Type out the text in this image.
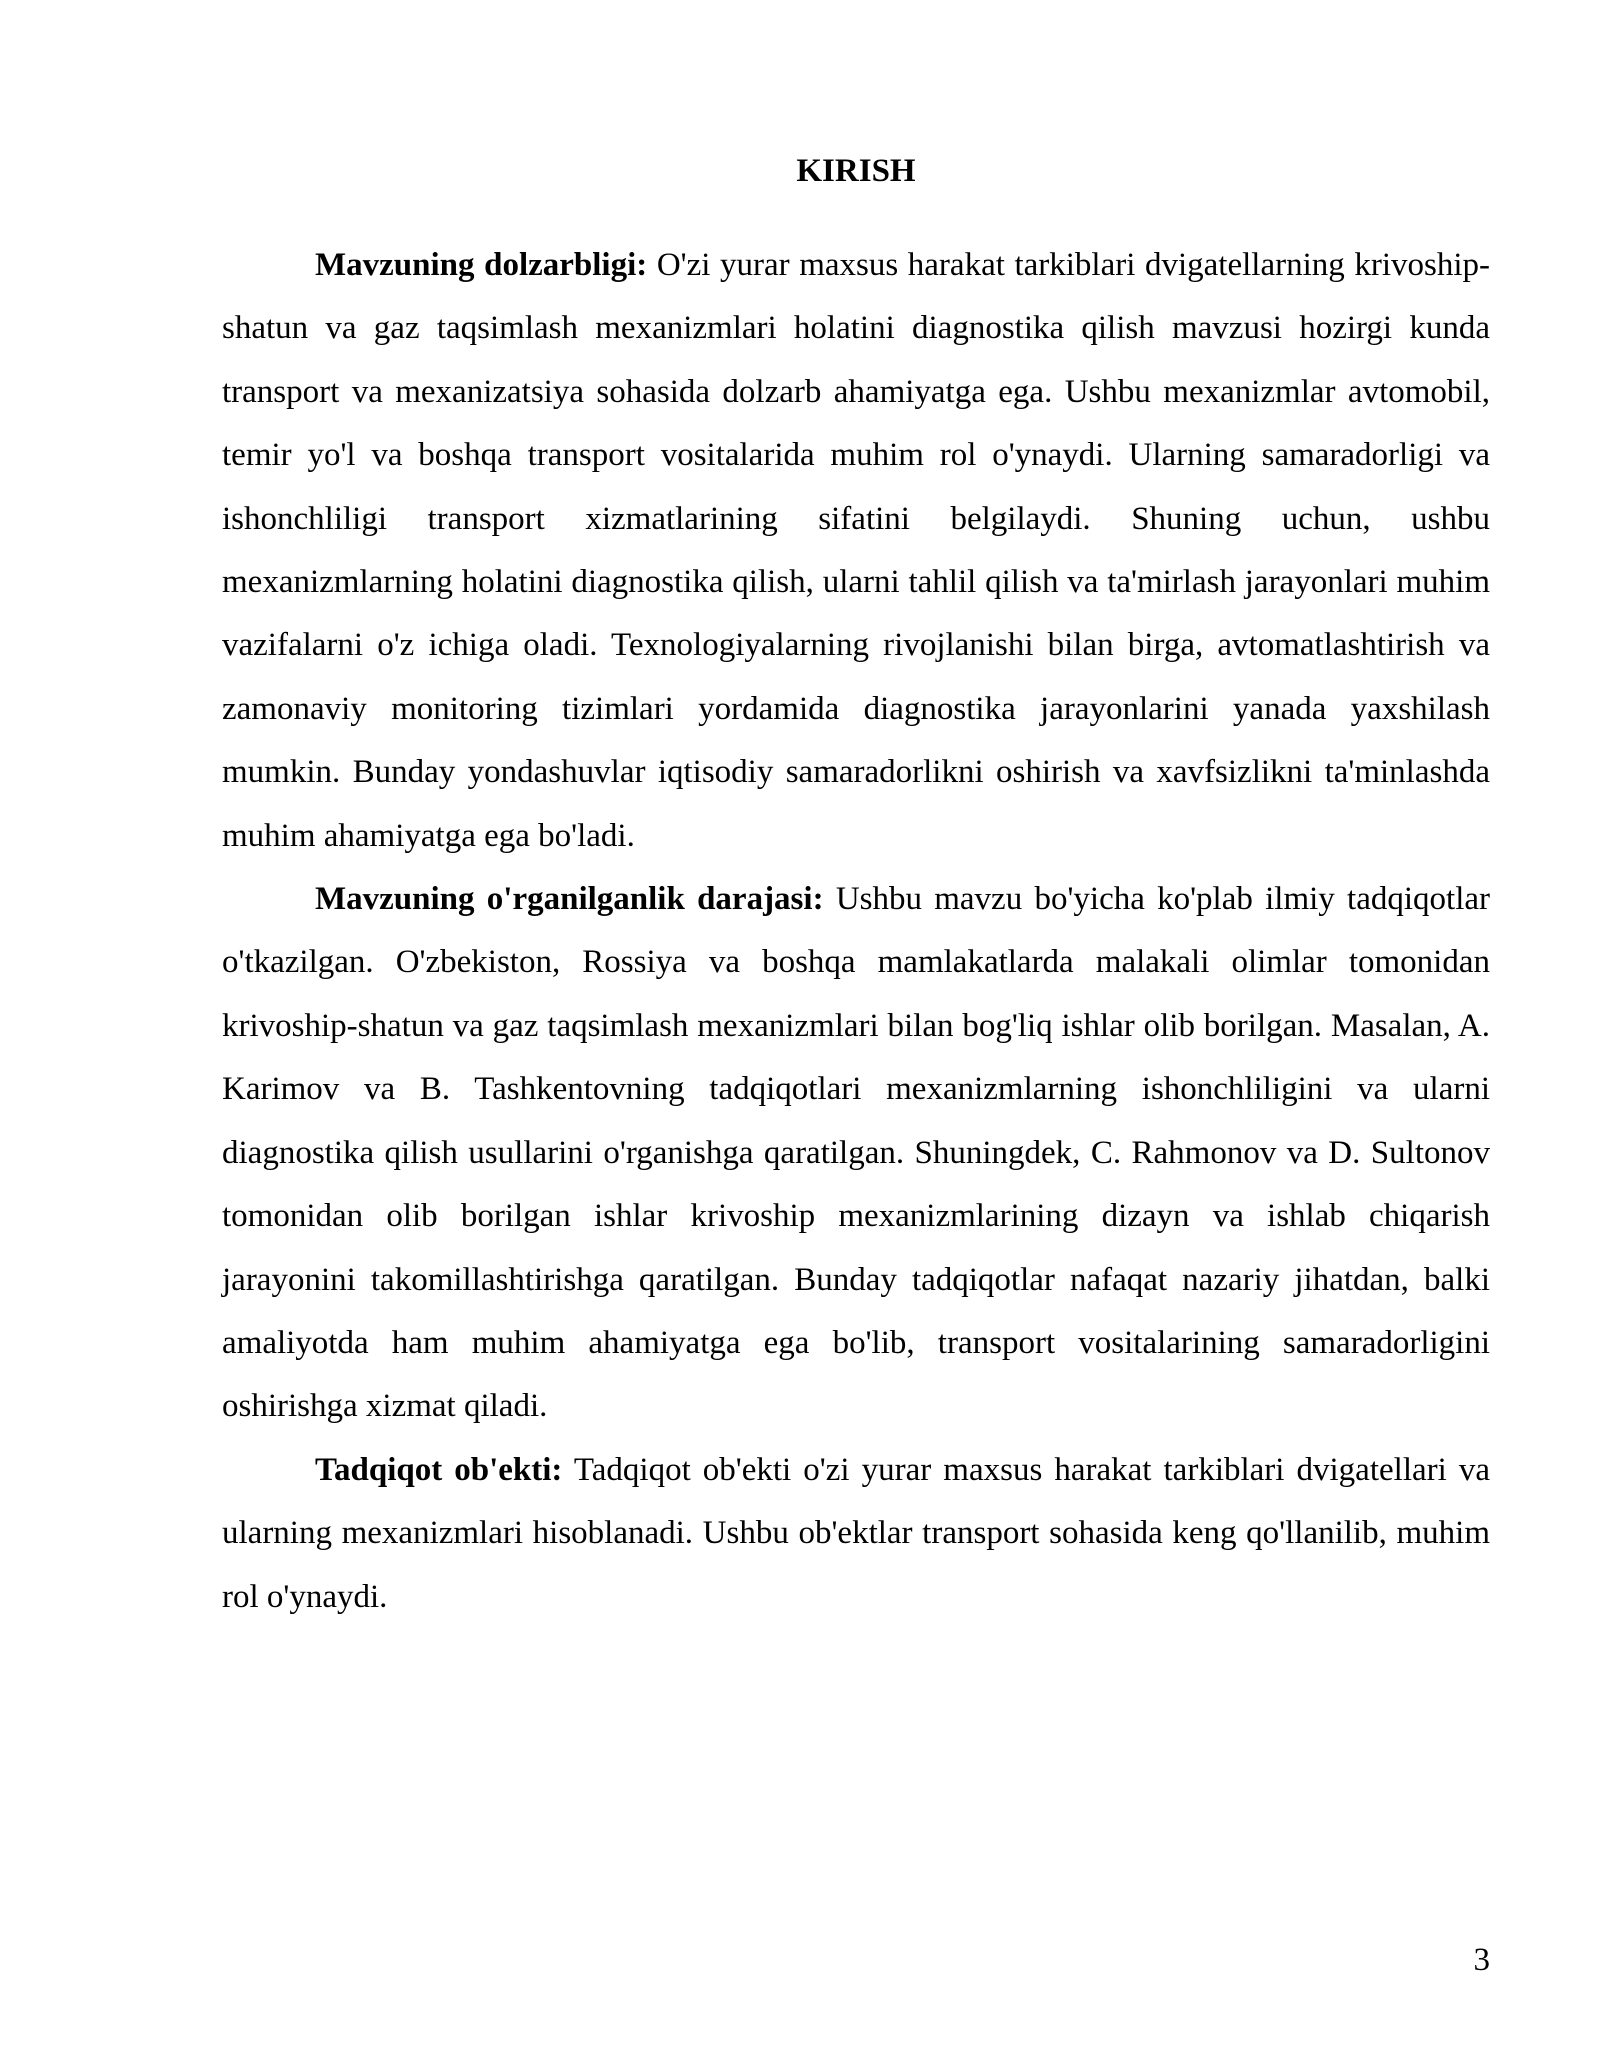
KIRISH

Mavzuning dolzarbligi: O'zi yurar maxsus harakat tarkiblari dvigatellarning krivoship-shatun va gaz taqsimlash mexanizmlari holatini diagnostika qilish mavzusi hozirgi kunda transport va mexanizatsiya sohasida dolzarb ahamiyatga ega. Ushbu mexanizmlar avtomobil, temir yo'l va boshqa transport vositalarida muhim rol o'ynaydi. Ularning samaradorligi va ishonchliligi transport xizmatlarining sifatini belgilaydi. Shuning uchun, ushbu mexanizmlarning holatini diagnostika qilish, ularni tahlil qilish va ta'mirlash jarayonlari muhim vazifalarni o'z ichiga oladi. Texnologiyalarning rivojlanishi bilan birga, avtomatlashtirish va zamonaviy monitoring tizimlari yordamida diagnostika jarayonlarini yanada yaxshilash mumkin. Bunday yondashuvlar iqtisodiy samaradorlikni oshirish va xavfsizlikni ta'minlashda muhim ahamiyatga ega bo'ladi.

Mavzuning o'rganilganlik darajasi: Ushbu mavzu bo'yicha ko'plab ilmiy tadqiqotlar o'tkazilgan. O'zbekiston, Rossiya va boshqa mamlakatlarda malakali olimlar tomonidan krivoship-shatun va gaz taqsimlash mexanizmlari bilan bog'liq ishlar olib borilgan. Masalan, A. Karimov va B. Tashkentovning tadqiqotlari mexanizmlarning ishonchliligini va ularni diagnostika qilish usullarini o'rganishga qaratilgan. Shuningdek, C. Rahmonov va D. Sultonov tomonidan olib borilgan ishlar krivoship mexanizmlarining dizayn va ishlab chiqarish jarayonini takomillashtirishga qaratilgan. Bunday tadqiqotlar nafaqat nazariy jihatdan, balki amaliyotda ham muhim ahamiyatga ega bo'lib, transport vositalarining samaradorligini oshirishga xizmat qiladi.

Tadqiqot ob'ekti: Tadqiqot ob'ekti o'zi yurar maxsus harakat tarkiblari dvigatellari va ularning mexanizmlari hisoblanadi. Ushbu ob'ektlar transport sohasida keng qo'llanilib, muhim rol o'ynaydi.

3
